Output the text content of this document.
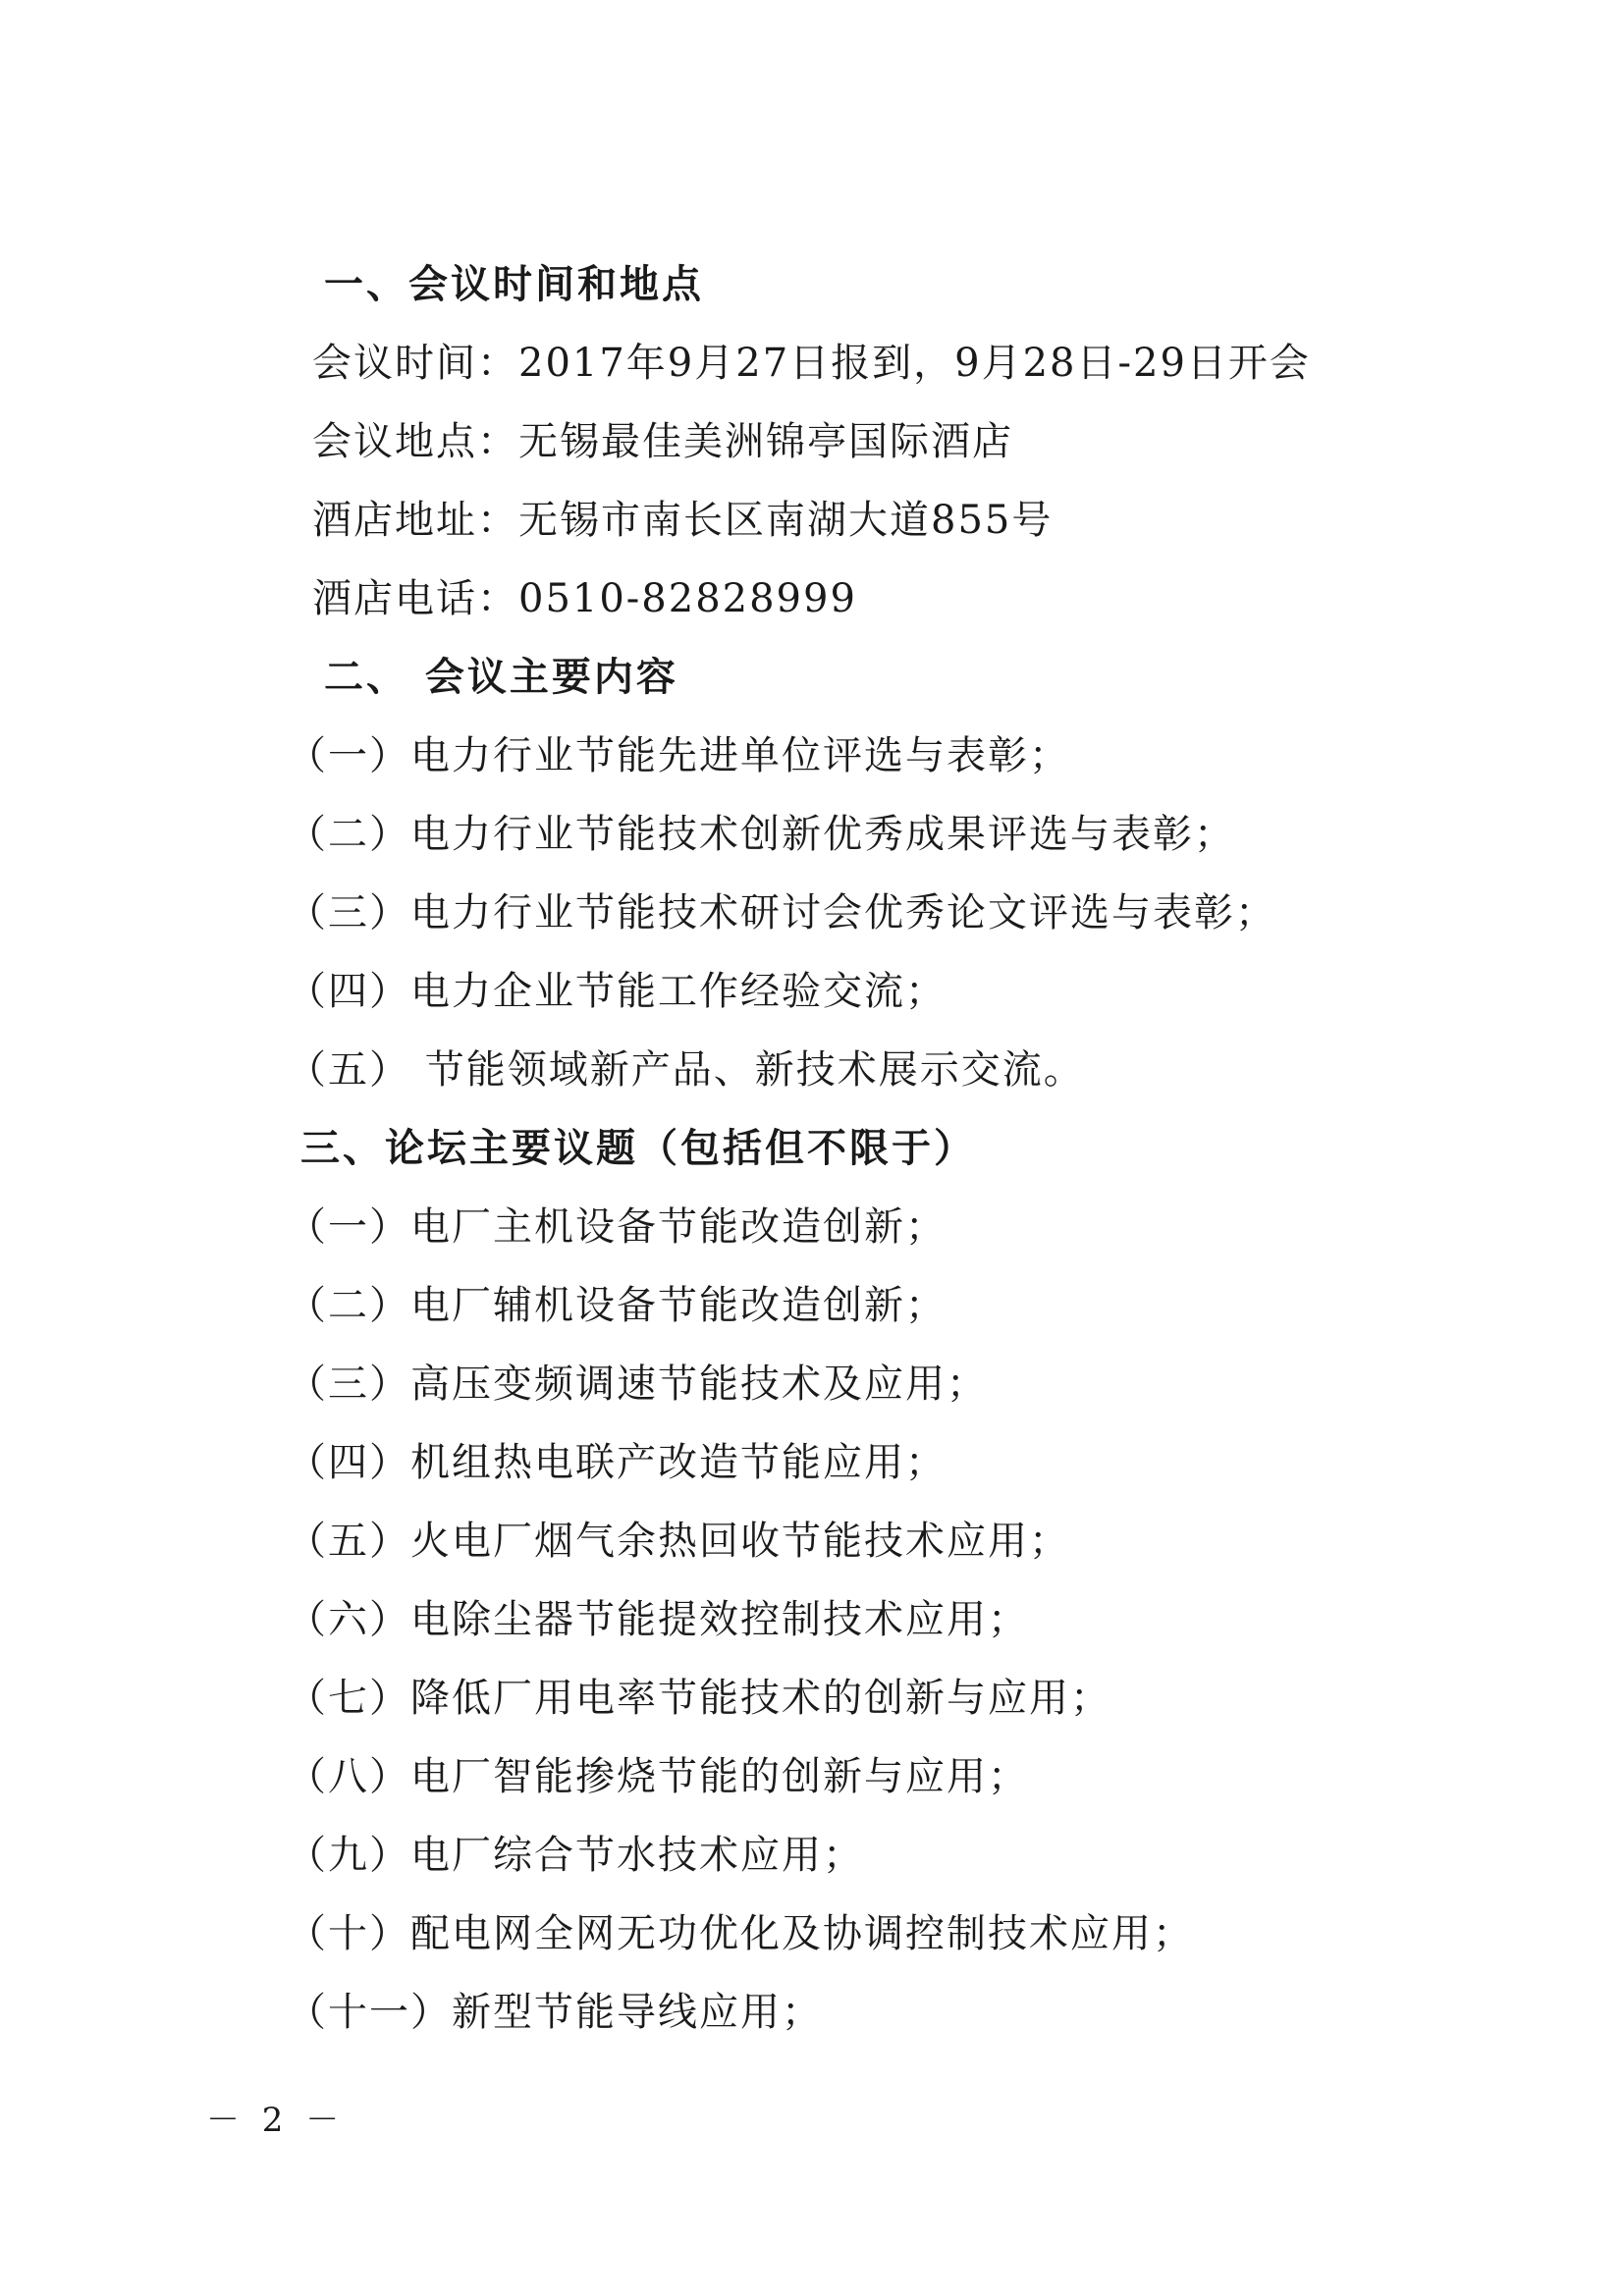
一、会议时间和地点
会议时间：2017年9月27日报到，9月28日-29日开会
会议地点：无锡最佳美洲锦亭国际酒店
酒店地址：无锡市南长区南湖大道855号
酒店电话：0510-82828999
二、 会议主要内容
（一）电力行业节能先进单位评选与表彰；
（二）电力行业节能技术创新优秀成果评选与表彰；
（三）电力行业节能技术研讨会优秀论文评选与表彰；
（四）电力企业节能工作经验交流；
（五） 节能领域新产品、新技术展示交流。
三、论坛主要议题（包括但不限于）
（一）电厂主机设备节能改造创新；
（二）电厂辅机设备节能改造创新；
（三）高压变频调速节能技术及应用；
（四）机组热电联产改造节能应用；
（五）火电厂烟气余热回收节能技术应用；
（六）电除尘器节能提效控制技术应用；
（七）降低厂用电率节能技术的创新与应用；
（八）电厂智能掺烧节能的创新与应用；
（九）电厂综合节水技术应用；
（十）配电网全网无功优化及协调控制技术应用；
（十一）新型节能导线应用；
－ 2 －
